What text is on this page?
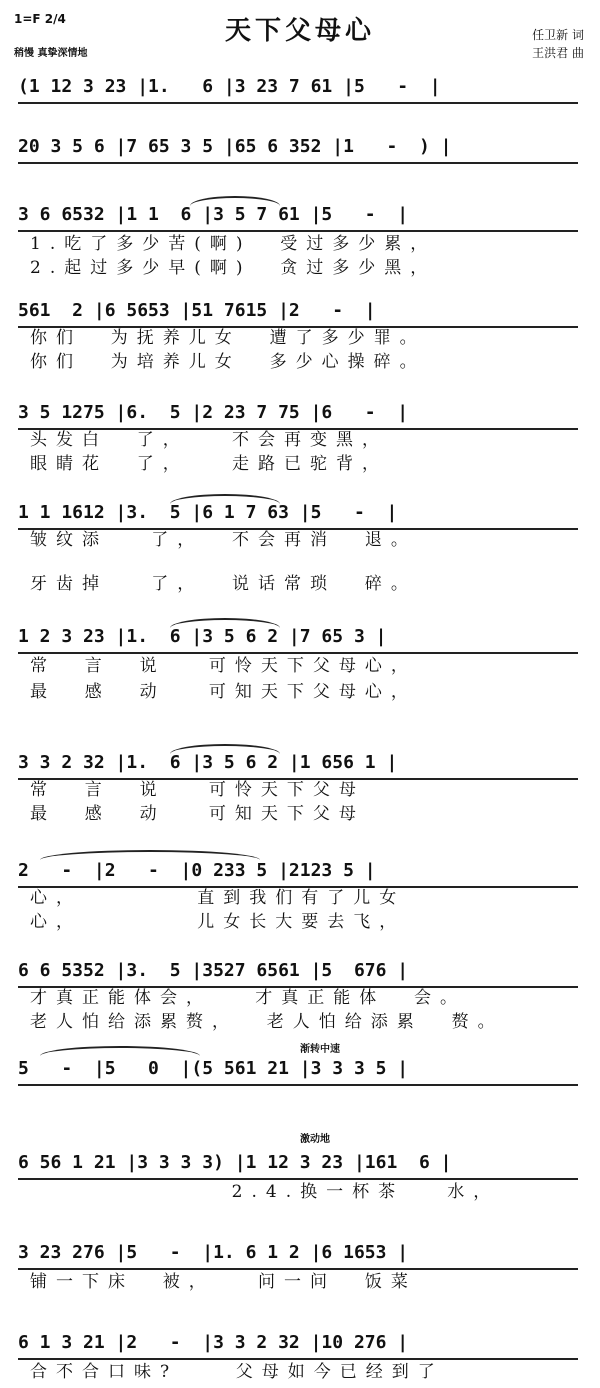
1=F 2/4
稍慢 真挚深情地
天下父母心	任卫新 词
王洪君 曲
(1 12 3 23 |1.   6 |3 23 7 61 |5   -  |
20 3 5 6 |7 65 3 5 |65 6 352 |1   -  ) |
3 6 6532 |1 1  6 |3 5 7 61 |5   -  |
1.吃了多少苦(啊)  受过多少累，
2.起过多少早(啊)  贪过多少黑，
561  2 |6 5653 |51 7615 |2   -  |
你们  为抚养儿女  遭了多少罪。
你们  为培养儿女  多少心操碎。
3 5 1275 |6.  5 |2 23 7 75 |6   -  |
头发白  了，   不会再变黑，
眼睛花  了，   走路已驼背，
1 1 1612 |3.  5 |6 1 7 63 |5   -  |
皱纹添   了，  不会再消  退。
牙齿掉   了，  说话常琐  碎。
1 2 3 23 |1.  6 |3 5 6 2 |7 65 3 |
常  言  说   可怜天下父母心，
最  感  动   可知天下父母心，
3 3 2 32 |1.  6 |3 5 6 2 |1 656 1 |
常  言  说   可怜天下父母
最  感  动   可知天下父母
2   -  |2   -  |0 233 5 |2123 5 |
心，        直到我们有了儿女
心，        儿女长大要去飞，
6 6 5352 |3.  5 |3527 6561 |5  676 |
才真正能体会，   才真正能体  会。
老人怕给添累赘，  老人怕给添累  赘。
渐转中速
5   -  |5   0  |(5 561 21 |3 3 3 5 |
激动地
6 56 1 21 |3 3 3 3) |1 12 3 23 |161  6 |
2.4.换一杯茶   水，
3 23 276 |5   -  |1. 6 1 2 |6 1653 |
铺一下床  被，   问一问  饭菜
6 1 3 21 |2   -  |3 3 2 32 |10 276 |
合不合口味?    父母如今已经到了
